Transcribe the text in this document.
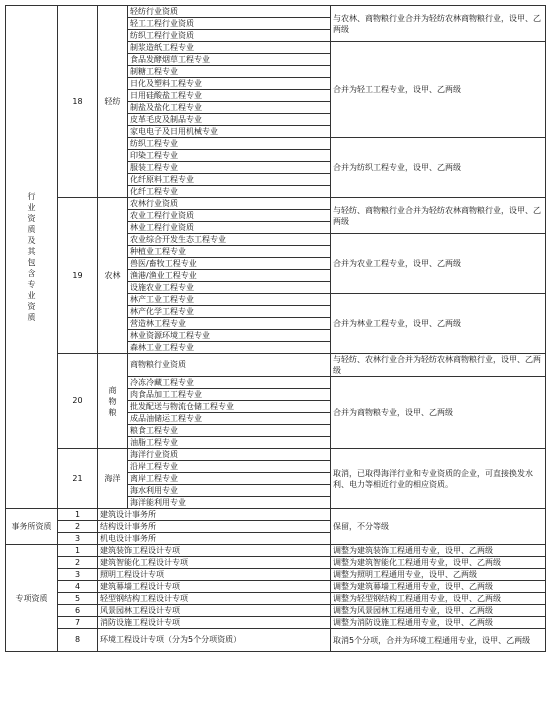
行业资质及其包含专业资质	18	轻纺	轻纺行业资质	与农林、商物粮行业合并为轻纺农林商物粮行业，设甲、乙两级
			轻工工程行业资质	
			纺织工程行业资质	
			制浆造纸工程专业	合并为轻工工程专业，设甲、乙两级
			食品发酵烟草工程专业	
			制糖工程专业	
			日化及塑料工程专业	
			日用硅酸盐工程专业	
			制盐及盐化工程专业	
			皮革毛皮及制品专业	
			家电电子及日用机械专业	
			纺织工程专业	合并为纺织工程专业，设甲、乙两级
			印染工程专业	
			服装工程专业	
			化纤原料工程专业	
			化纤工程专业	
	19	农林	农林行业资质	与轻纺、商物粮行业合并为轻纺农林商物粮行业，设甲、乙两级
			农业工程行业资质	
			林业工程行业资质	
			农业综合开发生态工程专业	合并为农业工程专业，设甲、乙两级
			种植业工程专业	
			兽医/畜牧工程专业	
			渔港/渔业工程专业	
			设施农业工程专业	
			林产工业工程专业	合并为林业工程专业，设甲、乙两级
			林产化学工程专业	
			营造林工程专业	
			林业资源环境工程专业	
			森林工业工程专业	
	20	商物粮	商物粮行业资质	与轻纺、农林行业合并为轻纺农林商物粮行业，设甲、乙两级
			冷冻冷藏工程专业	合并为商物粮专业，设甲、乙两级
			肉食品加工工程专业	
			批发配送与物流仓储工程专业	
			成品油储运工程专业	
			粮食工程专业	
			油脂工程专业	
	21	海洋	海洋行业资质	取消，已取得海洋行业和专业资质的企业，可直接换发水利、电力等相近行业的相应资质。
			沿岸工程专业	
			离岸工程专业	
			海水利用专业	
			海洋能利用专业	
事务所资质	1	建筑设计事务所		保留，不分等级
	2	结构设计事务所		
	3	机电设计事务所		
专项资质	1	建筑装饰工程设计专项		调整为建筑装饰工程通用专业，设甲、乙两级
	2	建筑智能化工程设计专项		调整为建筑智能化工程通用专业，设甲、乙两级
	3	照明工程设计专项		调整为照明工程通用专业，设甲、乙两级
	4	建筑幕墙工程设计专项		调整为建筑幕墙工程通用专业，设甲、乙两级
	5	轻型钢结构工程设计专项		调整为轻型钢结构工程通用专业，设甲、乙两级
	6	风景园林工程设计专项		调整为风景园林工程通用专业，设甲、乙两级
	7	消防设施工程设计专项		调整为消防设施工程通用专业，设甲、乙两级
	8	环境工程设计专项（分为5个分项资质）		取消5个分项，合并为环境工程通用专业，设甲、乙两级
